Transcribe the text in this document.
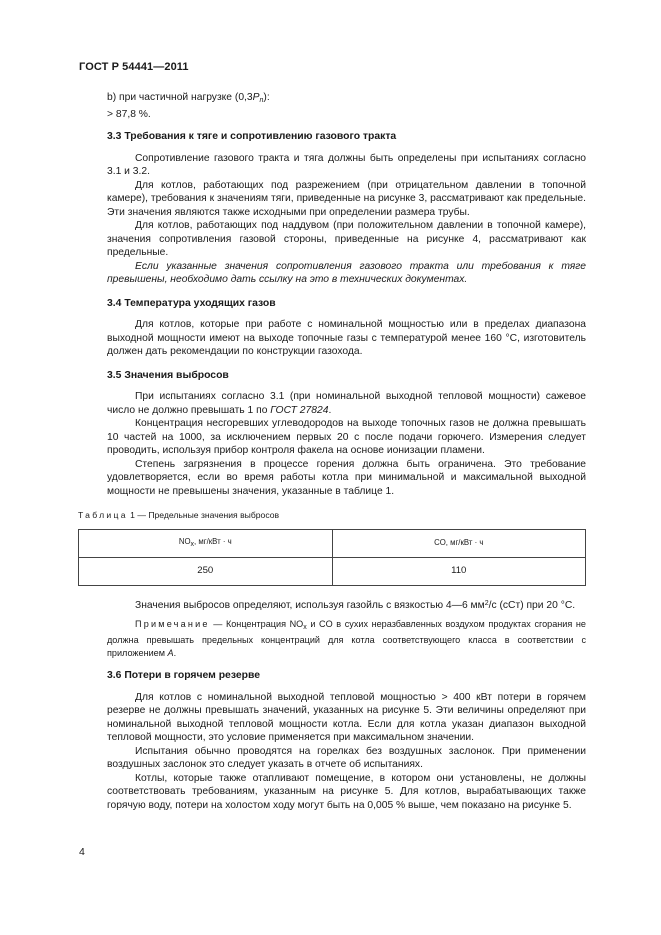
ГОСТ Р 54441—2011

b) при частичной нагрузке $(0,3P_n)$:

> 87,8 %.

3.3 Требования к тяге и сопротивлению газового тракта

Сопротивление газового тракта и тяга должны быть определены при испытаниях согласно 3.1 и 3.2.

Для котлов, работающих под разрежением (при отрицательном давлении в топочной камере), требования к значениям тяги, приведенные на рисунке 3, рассматривают как предельные. Эти значения являются также исходными при определении размера трубы.

Для котлов, работающих под наддувом (при положительном давлении в топочной камере), значения сопротивления газовой стороны, приведенные на рисунке 4, рассматривают как предельные.

Если указанные значения сопротивления газового тракта или требования к тяге превышены, необходимо дать ссылку на это в технических документах.

3.4 Температура уходящих газов

Для котлов, которые при работе с номинальной мощностью или в пределах диапазона выходной мощности имеют на выходе топочные газы с температурой менее 160 °С, изготовитель должен дать рекомендации по конструкции газохода.

3.5 Значения выбросов

При испытаниях согласно 3.1 (при номинальной выходной тепловой мощности) сажевое число не должно превышать 1 по ГОСТ 27824.

Концентрация несгоревших углеводородов на выходе топочных газов не должна превышать 10 частей на 1000, за исключением первых 20 с после подачи горючего. Измерения следует проводить, используя прибор контроля факела на основе ионизации пламени.

Степень загрязнения в процессе горения должна быть ограничена. Это требование удовлетворяется, если во время работы котла при минимальной и максимальной выходной мощности не превышены значения, указанные в таблице 1.

Таблица 1 — Предельные значения выбросов
NOx, мг/кВт · ч	CO, мг/кВт · ч
250	110

Значения выбросов определяют, используя газойль с вязкостью 4—6 $мм^2/с$ (сСт) при 20 °С.

Примечание — Концентрация $NO_x$ и CO в сухих неразбавленных воздухом продуктах сгорания не должна превышать предельных концентраций для котла соответствующего класса в соответствии с приложением А.

3.6 Потери в горячем резерве

Для котлов с номинальной выходной тепловой мощностью > 400 кВт потери в горячем резерве не должны превышать значений, указанных на рисунке 5. Эти величины определяют при номинальной выходной тепловой мощности котла. Если для котла указан диапазон выходной тепловой мощности, это условие применяется при максимальном значении.

Испытания обычно проводятся на горелках без воздушных заслонок. При применении воздушных заслонок это следует указать в отчете об испытаниях.

Котлы, которые также отапливают помещение, в котором они установлены, не должны соответствовать требованиям, указанным на рисунке 5. Для котлов, вырабатывающих также горячую воду, потери на холостом ходу могут быть на 0,005 % выше, чем показано на рисунке 5.

4
